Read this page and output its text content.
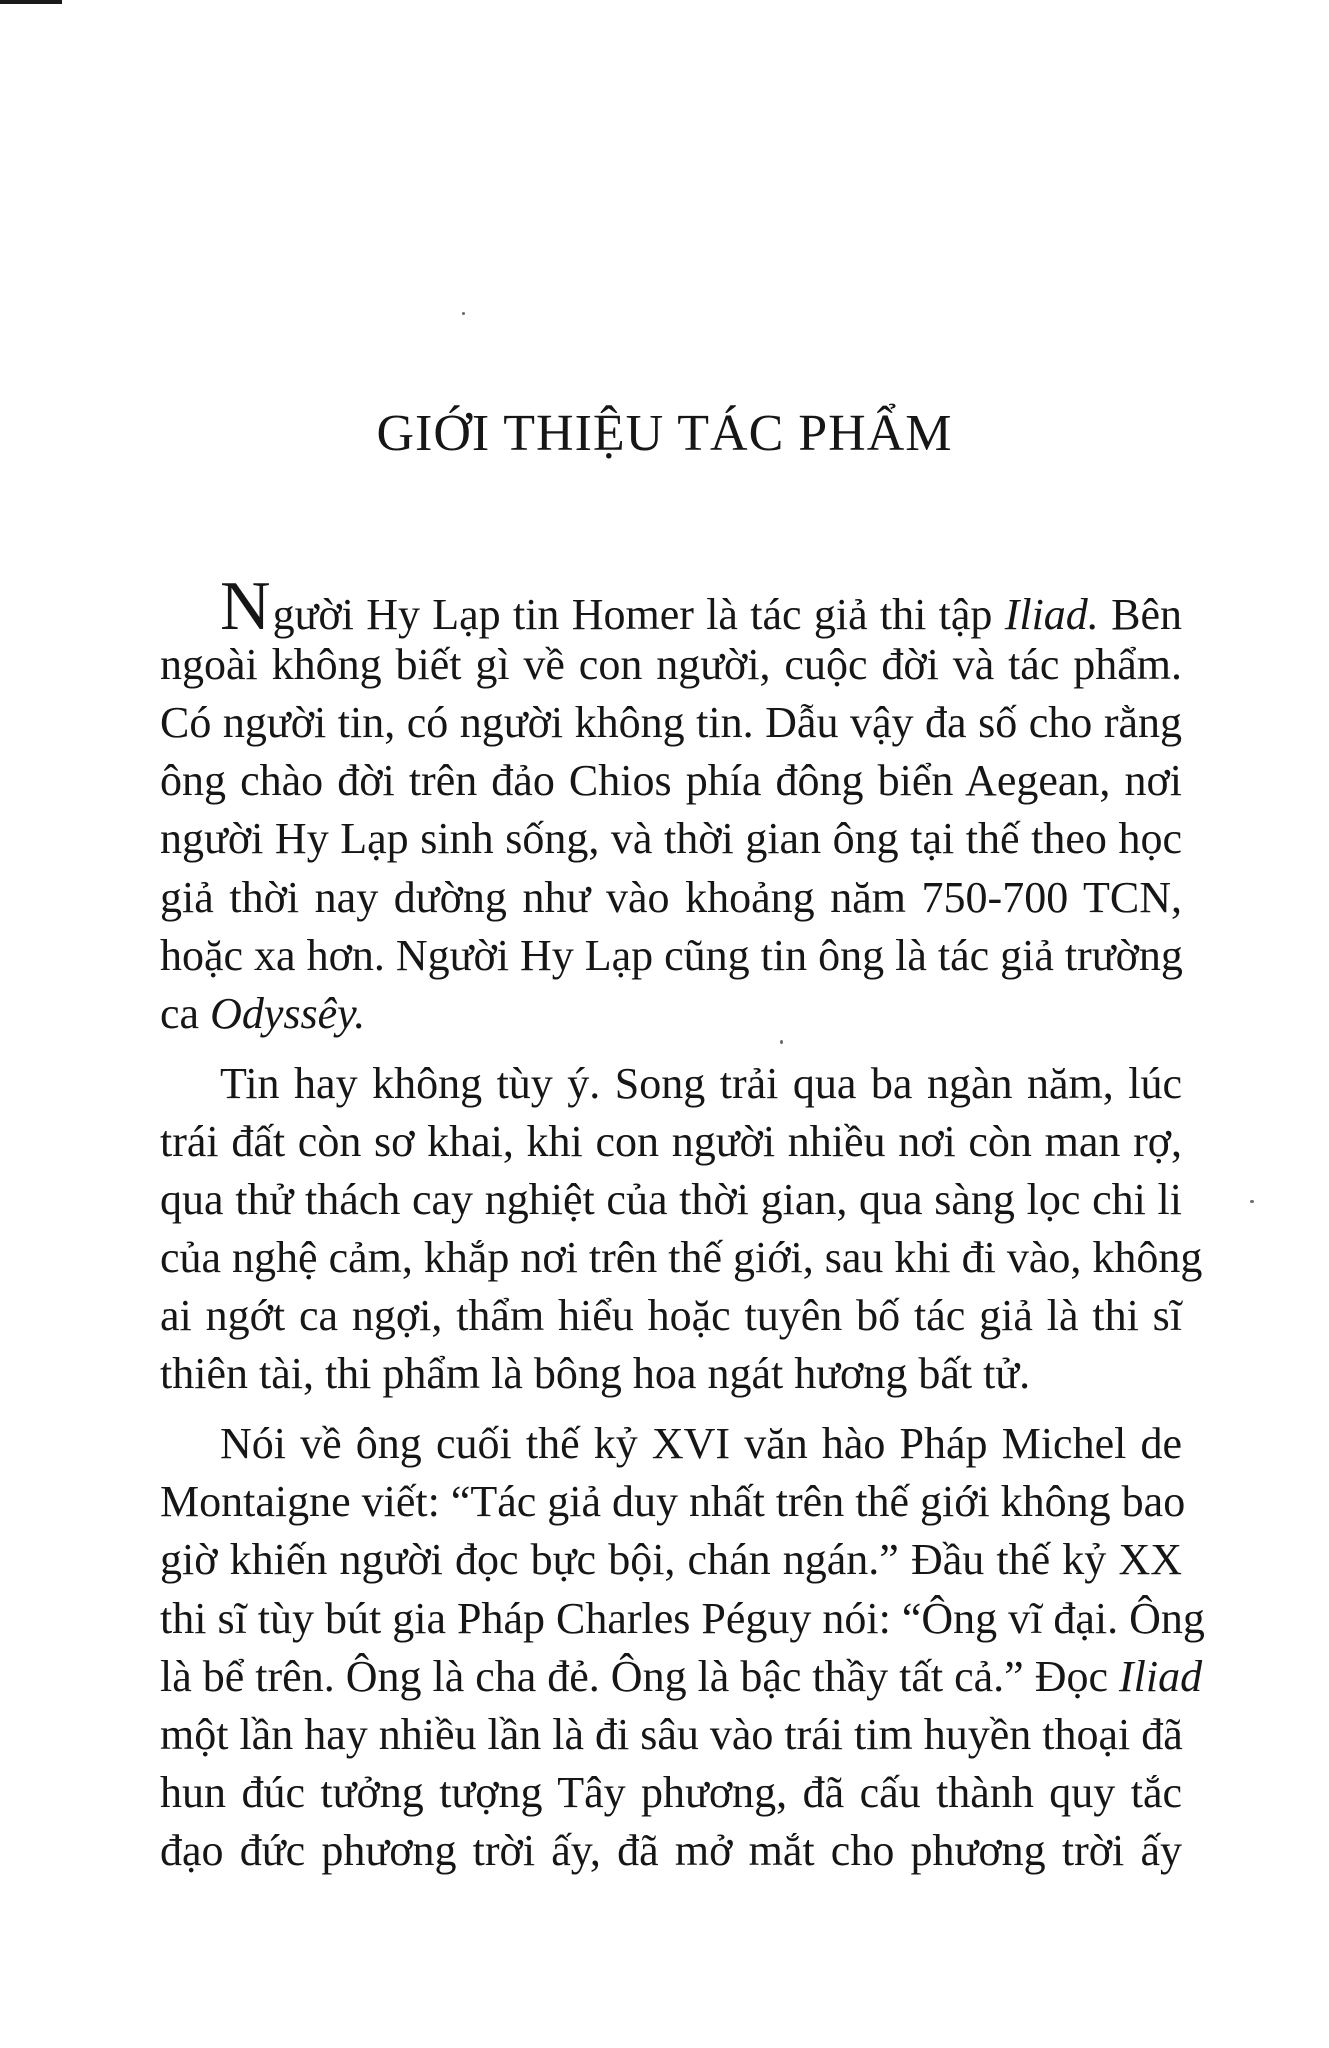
GIỚI THIỆU TÁC PHẨM
Người Hy Lạp tin Homer là tác giả thi tập Iliad. Bên
ngoài không biết gì về con người, cuộc đời và tác phẩm.
Có người tin, có người không tin. Dẫu vậy đa số cho rằng
ông chào đời trên đảo Chios phía đông biển Aegean, nơi
người Hy Lạp sinh sống, và thời gian ông tại thế theo học
giả thời nay dường như vào khoảng năm 750-700 TCN,
hoặc xa hơn. Người Hy Lạp cũng tin ông là tác giả trường
ca Odyssêy.
Tin hay không tùy ý. Song trải qua ba ngàn năm, lúc
trái đất còn sơ khai, khi con người nhiều nơi còn man rợ,
qua thử thách cay nghiệt của thời gian, qua sàng lọc chi li
của nghệ cảm, khắp nơi trên thế giới, sau khi đi vào, không
ai ngớt ca ngợi, thẩm hiểu hoặc tuyên bố tác giả là thi sĩ
thiên tài, thi phẩm là bông hoa ngát hương bất tử.
Nói về ông cuối thế kỷ XVI văn hào Pháp Michel de
Montaigne viết: “Tác giả duy nhất trên thế giới không bao
giờ khiến người đọc bực bội, chán ngán.” Đầu thế kỷ XX
thi sĩ tùy bút gia Pháp Charles Péguy nói: “Ông vĩ đại. Ông
là bể trên. Ông là cha đẻ. Ông là bậc thầy tất cả.” Đọc Iliad
một lần hay nhiều lần là đi sâu vào trái tim huyền thoại đã
hun đúc tưởng tượng Tây phương, đã cấu thành quy tắc
đạo đức phương trời ấy, đã mở mắt cho phương trời ấy
